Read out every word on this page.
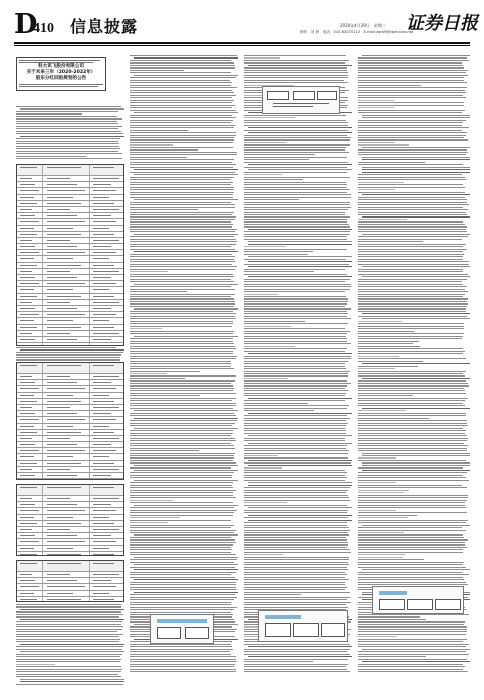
D
410 信息披露	2020年4月29日　星期三
制作：刘 晨　电话：010-63070113　E-mail:zqrb9@zqrb.sina.net
证券日报
科大讯飞股份有限公司
关于未来三年（2020-2022年）
股东分红回报规划的公告
